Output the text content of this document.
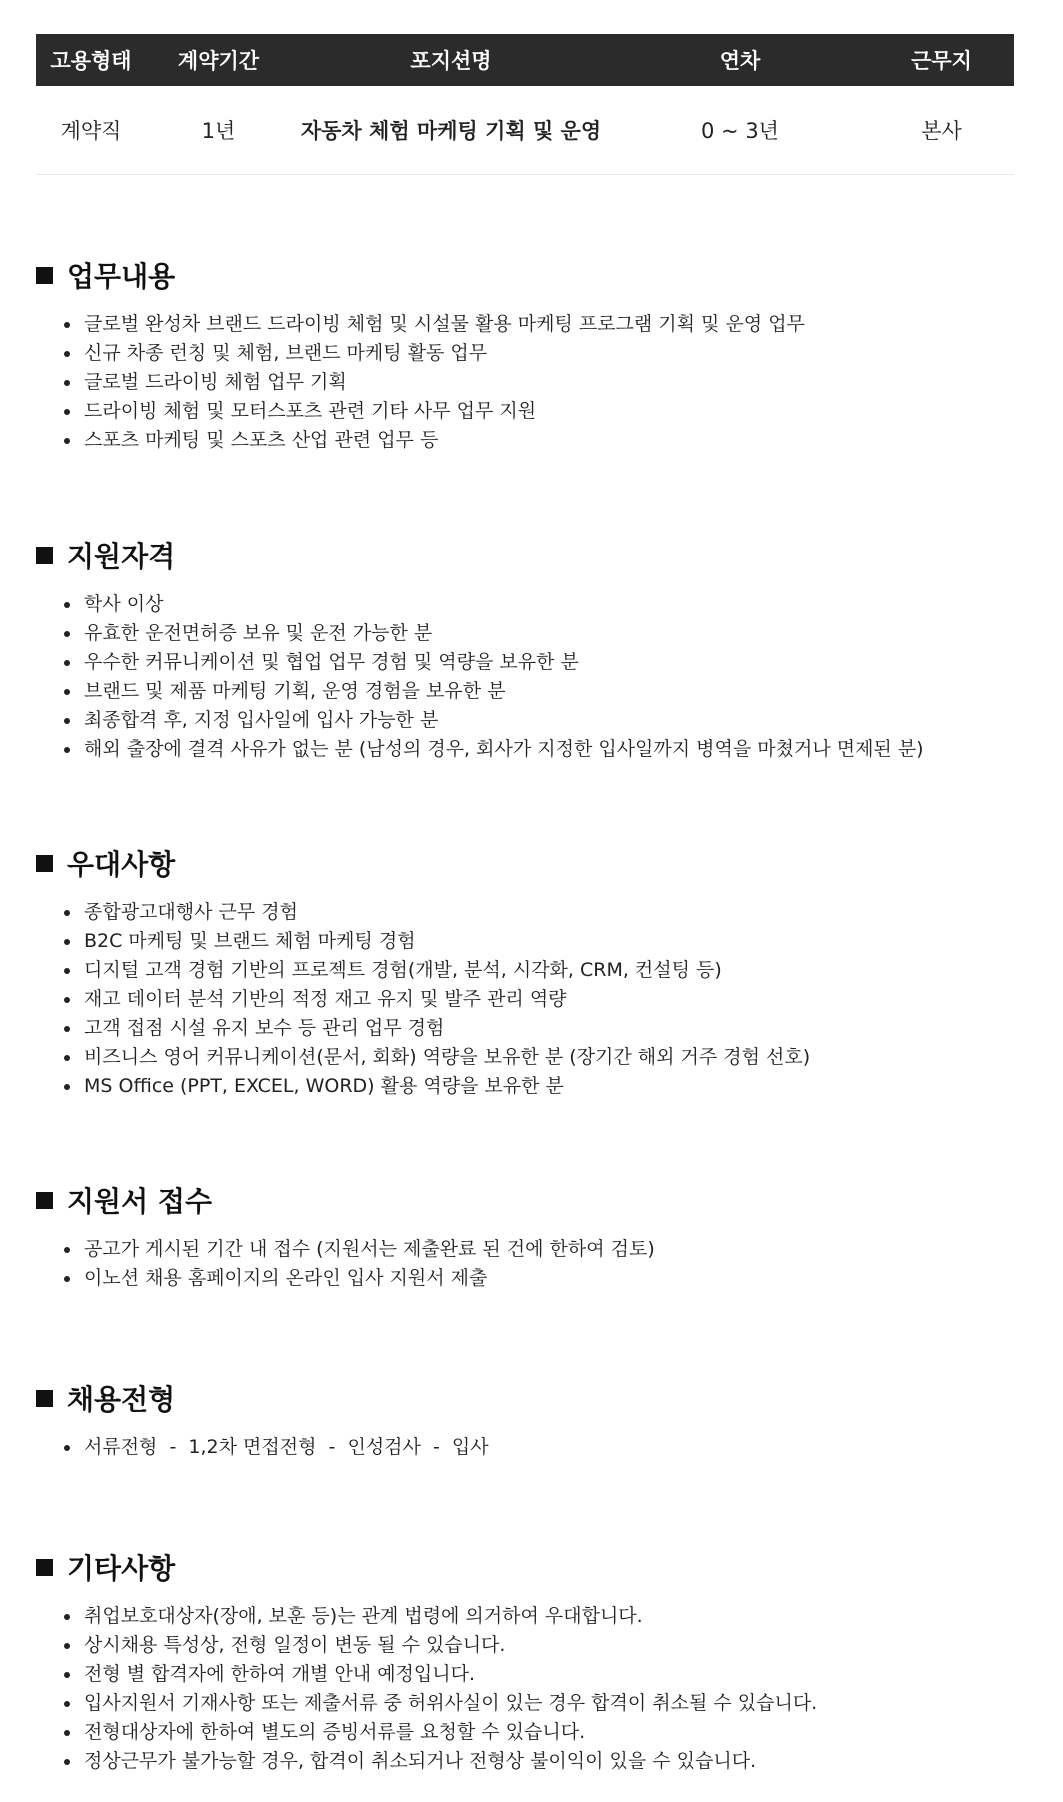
고용형태	계약기간	포지션명	연차	근무지
계약직	1년	자동차 체험 마케팅 기획 및 운영	0 ~ 3년	본사
업무내용
글로벌 완성차 브랜드 드라이빙 체험 및 시설물 활용 마케팅 프로그램 기획 및 운영 업무
신규 차종 런칭 및 체험, 브랜드 마케팅 활동 업무
글로벌 드라이빙 체험 업무 기획
드라이빙 체험 및 모터스포츠 관련 기타 사무 업무 지원
스포츠 마케팅 및 스포츠 산업 관련 업무 등
지원자격
학사 이상
유효한 운전면허증 보유 및 운전 가능한 분
우수한 커뮤니케이션 및 협업 업무 경험 및 역량을 보유한 분
브랜드 및 제품 마케팅 기획, 운영 경험을 보유한 분
최종합격 후, 지정 입사일에 입사 가능한 분
해외 출장에 결격 사유가 없는 분 (남성의 경우, 회사가 지정한 입사일까지 병역을 마쳤거나 면제된 분)
우대사항
종합광고대행사 근무 경험
B2C 마케팅 및 브랜드 체험 마케팅 경험
디지털 고객 경험 기반의 프로젝트 경험(개발, 분석, 시각화, CRM, 컨설팅 등)
재고 데이터 분석 기반의 적정 재고 유지 및 발주 관리 역량
고객 접점 시설 유지 보수 등 관리 업무 경험
비즈니스 영어 커뮤니케이션(문서, 회화) 역량을 보유한 분 (장기간 해외 거주 경험 선호)
MS Office (PPT, EXCEL, WORD) 활용 역량을 보유한 분
지원서 접수
공고가 게시된 기간 내 접수 (지원서는 제출완료 된 건에 한하여 검토)
이노션 채용 홈페이지의 온라인 입사 지원서 제출
채용전형
서류전형  -  1,2차 면접전형  -  인성검사  -  입사
기타사항
취업보호대상자(장애, 보훈 등)는 관계 법령에 의거하여 우대합니다.
상시채용 특성상, 전형 일정이 변동 될 수 있습니다.
전형 별 합격자에 한하여 개별 안내 예정입니다.
입사지원서 기재사항 또는 제출서류 중 허위사실이 있는 경우 합격이 취소될 수 있습니다.
전형대상자에 한하여 별도의 증빙서류를 요청할 수 있습니다.
정상근무가 불가능할 경우, 합격이 취소되거나 전형상 불이익이 있을 수 있습니다.
